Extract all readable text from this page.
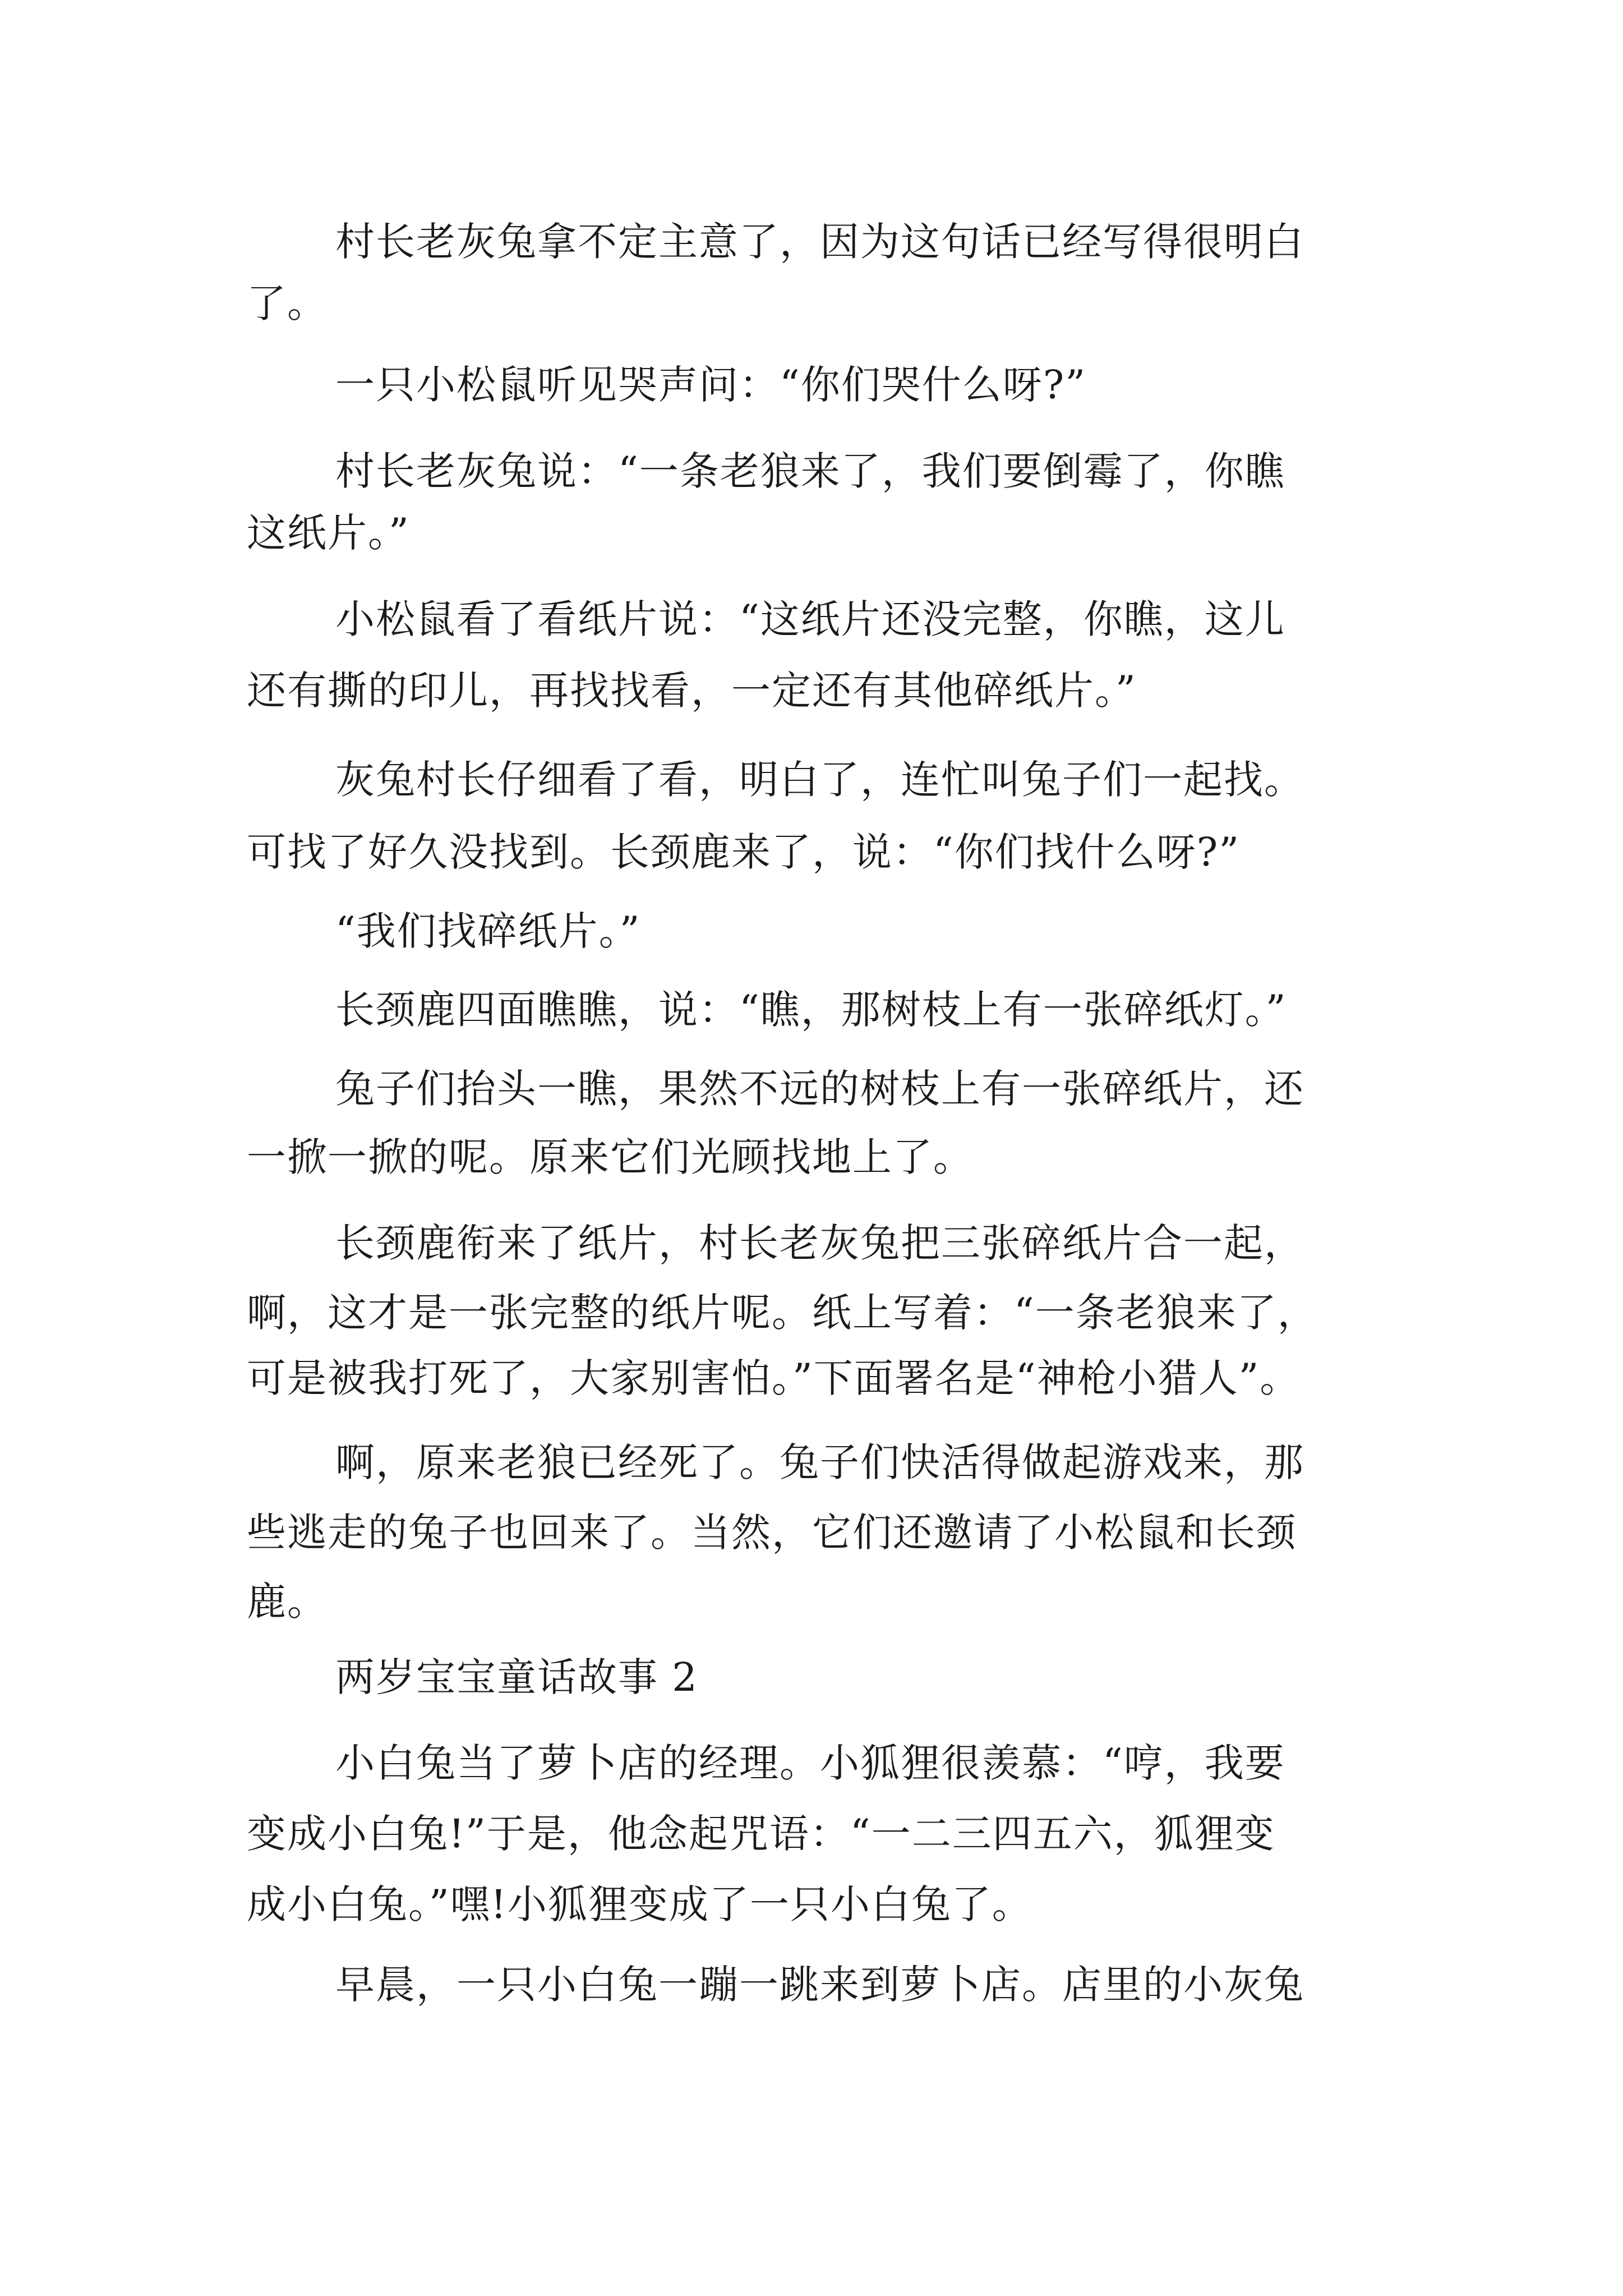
村长老灰兔拿不定主意了，因为这句话已经写得很明白
了。
一只小松鼠听见哭声问：“你们哭什么呀?”
村长老灰兔说：“一条老狼来了，我们要倒霉了，你瞧
这纸片。”
小松鼠看了看纸片说：“这纸片还没完整，你瞧，这儿
还有撕的印儿，再找找看，一定还有其他碎纸片。”
灰兔村长仔细看了看，明白了，连忙叫兔子们一起找。
可找了好久没找到。长颈鹿来了，说：“你们找什么呀?”
“我们找碎纸片。”
长颈鹿四面瞧瞧，说：“瞧，那树枝上有一张碎纸灯。”
兔子们抬头一瞧，果然不远的树枝上有一张碎纸片，还
一掀一掀的呢。原来它们光顾找地上了。
长颈鹿衔来了纸片，村长老灰兔把三张碎纸片合一起，
啊，这才是一张完整的纸片呢。纸上写着：“一条老狼来了，
可是被我打死了，大家别害怕。”下面署名是“神枪小猎人”。
啊，原来老狼已经死了。兔子们快活得做起游戏来，那
些逃走的兔子也回来了。当然，它们还邀请了小松鼠和长颈
鹿。
两岁宝宝童话故事 2
小白兔当了萝卜店的经理。小狐狸很羡慕：“哼，我要
变成小白兔!”于是，他念起咒语：“一二三四五六，狐狸变
成小白兔。”嘿!小狐狸变成了一只小白兔了。
早晨，一只小白兔一蹦一跳来到萝卜店。店里的小灰兔
